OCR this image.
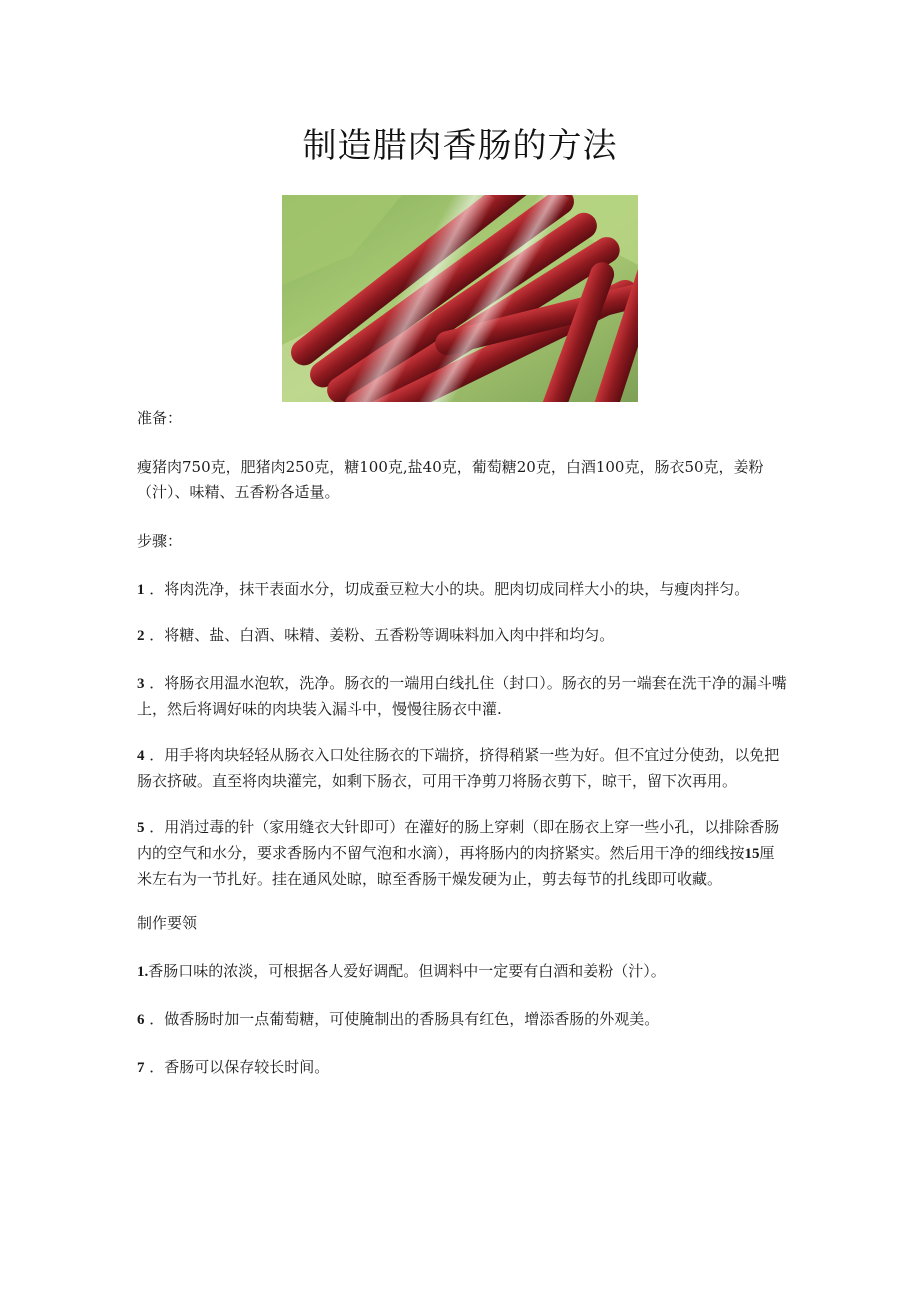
制造腊肉香肠的方法

准备：

瘦猪肉750克，肥猪肉250克，糖100克,盐40克，葡萄糖20克，白酒100克，肠衣50克，姜粉
（汁）、味精、五香粉各适量。

步骤：

1 ．将肉洗净，抹干表面水分，切成蚕豆粒大小的块。肥肉切成同样大小的块，与瘦肉拌匀。

2 ．将糖、盐、白酒、味精、姜粉、五香粉等调味料加入肉中拌和均匀。

3 ．将肠衣用温水泡软，洗净。肠衣的一端用白线扎住（封口）。肠衣的另一端套在洗干净的漏斗嘴上，然后将调好味的肉块装入漏斗中，慢慢往肠衣中灌.

4 ．用手将肉块轻轻从肠衣入口处往肠衣的下端挤，挤得稍紧一些为好。但不宜过分使劲，以免把肠衣挤破。直至将肉块灌完，如剩下肠衣，可用干净剪刀将肠衣剪下，晾干，留下次再用。

5 ．用消过毒的针（家用缝衣大针即可）在灌好的肠上穿刺（即在肠衣上穿一些小孔，以排除香肠内的空气和水分，要求香肠内不留气泡和水滴），再将肠内的肉挤紧实。然后用干净的细线按15厘米左右为一节扎好。挂在通风处晾，晾至香肠干燥发硬为止，剪去每节的扎线即可收藏。

制作要领

1.香肠口味的浓淡，可根据各人爱好调配。但调料中一定要有白酒和姜粉（汁）。

6 ．做香肠时加一点葡萄糖，可使腌制出的香肠具有红色，增添香肠的外观美。

7 ．香肠可以保存较长时间。
